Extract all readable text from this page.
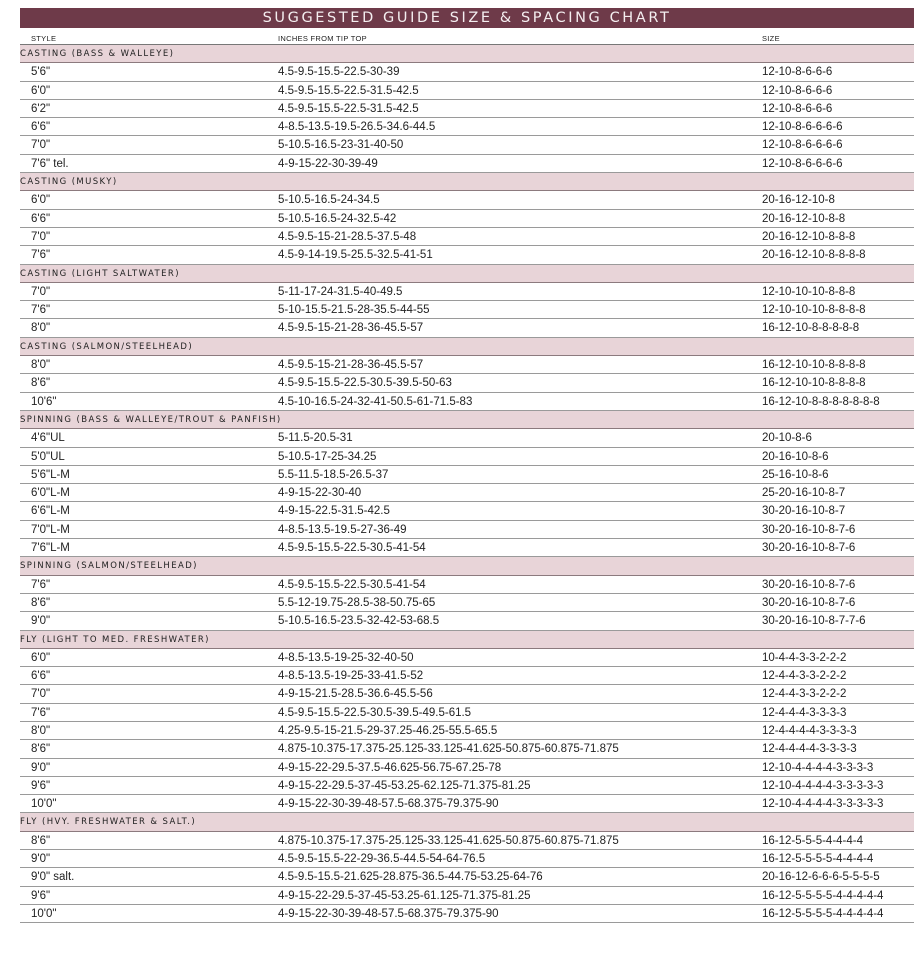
SUGGESTED GUIDE SIZE & SPACING CHART
STYLE	INCHES FROM TIP TOP	SIZE
CASTING (BASS & WALLEYE)
5'6"	4.5-9.5-15.5-22.5-30-39	12-10-8-6-6-6
6'0"	4.5-9.5-15.5-22.5-31.5-42.5	12-10-8-6-6-6
6'2"	4.5-9.5-15.5-22.5-31.5-42.5	12-10-8-6-6-6
6'6"	4-8.5-13.5-19.5-26.5-34.6-44.5	12-10-8-6-6-6-6
7'0"	5-10.5-16.5-23-31-40-50	12-10-8-6-6-6-6
7'6" tel.	4-9-15-22-30-39-49	12-10-8-6-6-6-6
CASTING (MUSKY)
6'0"	5-10.5-16.5-24-34.5	20-16-12-10-8
6'6"	5-10.5-16.5-24-32.5-42	20-16-12-10-8-8
7'0"	4.5-9.5-15-21-28.5-37.5-48	20-16-12-10-8-8-8
7'6"	4.5-9-14-19.5-25.5-32.5-41-51	20-16-12-10-8-8-8-8
CASTING (LIGHT SALTWATER)
7'0"	5-11-17-24-31.5-40-49.5	12-10-10-10-8-8-8
7'6"	5-10-15.5-21.5-28-35.5-44-55	12-10-10-10-8-8-8-8
8'0"	4.5-9.5-15-21-28-36-45.5-57	16-12-10-8-8-8-8-8
CASTING (SALMON/STEELHEAD)
8'0"	4.5-9.5-15-21-28-36-45.5-57	16-12-10-10-8-8-8-8
8'6"	4.5-9.5-15.5-22.5-30.5-39.5-50-63	16-12-10-10-8-8-8-8
10'6"	4.5-10-16.5-24-32-41-50.5-61-71.5-83	16-12-10-8-8-8-8-8-8-8
SPINNING (BASS & WALLEYE/TROUT & PANFISH)
4'6"UL	5-11.5-20.5-31	20-10-8-6
5'0"UL	5-10.5-17-25-34.25	20-16-10-8-6
5'6"L-M	5.5-11.5-18.5-26.5-37	25-16-10-8-6
6'0"L-M	4-9-15-22-30-40	25-20-16-10-8-7
6'6"L-M	4-9-15-22.5-31.5-42.5	30-20-16-10-8-7
7'0"L-M	4-8.5-13.5-19.5-27-36-49	30-20-16-10-8-7-6
7'6"L-M	4.5-9.5-15.5-22.5-30.5-41-54	30-20-16-10-8-7-6
SPINNING (SALMON/STEELHEAD)
7'6"	4.5-9.5-15.5-22.5-30.5-41-54	30-20-16-10-8-7-6
8'6"	5.5-12-19.75-28.5-38-50.75-65	30-20-16-10-8-7-6
9'0"	5-10.5-16.5-23.5-32-42-53-68.5	30-20-16-10-8-7-7-6
FLY (LIGHT TO MED. FRESHWATER)
6'0"	4-8.5-13.5-19-25-32-40-50	10-4-4-3-3-2-2-2
6'6"	4-8.5-13.5-19-25-33-41.5-52	12-4-4-3-3-2-2-2
7'0"	4-9-15-21.5-28.5-36.6-45.5-56	12-4-4-3-3-2-2-2
7'6"	4.5-9.5-15.5-22.5-30.5-39.5-49.5-61.5	12-4-4-4-3-3-3-3
8'0"	4.25-9.5-15-21.5-29-37.25-46.25-55.5-65.5	12-4-4-4-4-3-3-3-3
8'6"	4.875-10.375-17.375-25.125-33.125-41.625-50.875-60.875-71.875	12-4-4-4-4-3-3-3-3
9'0"	4-9-15-22-29.5-37.5-46.625-56.75-67.25-78	12-10-4-4-4-4-3-3-3-3
9'6"	4-9-15-22-29.5-37-45-53.25-62.125-71.375-81.25	12-10-4-4-4-4-3-3-3-3-3
10'0"	4-9-15-22-30-39-48-57.5-68.375-79.375-90	12-10-4-4-4-4-3-3-3-3-3
FLY (HVY. FRESHWATER & SALT.)
8'6"	4.875-10.375-17.375-25.125-33.125-41.625-50.875-60.875-71.875	16-12-5-5-5-4-4-4-4
9'0"	4.5-9.5-15.5-22-29-36.5-44.5-54-64-76.5	16-12-5-5-5-5-4-4-4-4
9'0" salt.	4.5-9.5-15.5-21.625-28.875-36.5-44.75-53.25-64-76	20-16-12-6-6-6-5-5-5-5
9'6"	4-9-15-22-29.5-37-45-53.25-61.125-71.375-81.25	16-12-5-5-5-5-4-4-4-4-4
10'0"	4-9-15-22-30-39-48-57.5-68.375-79.375-90	16-12-5-5-5-5-4-4-4-4-4
